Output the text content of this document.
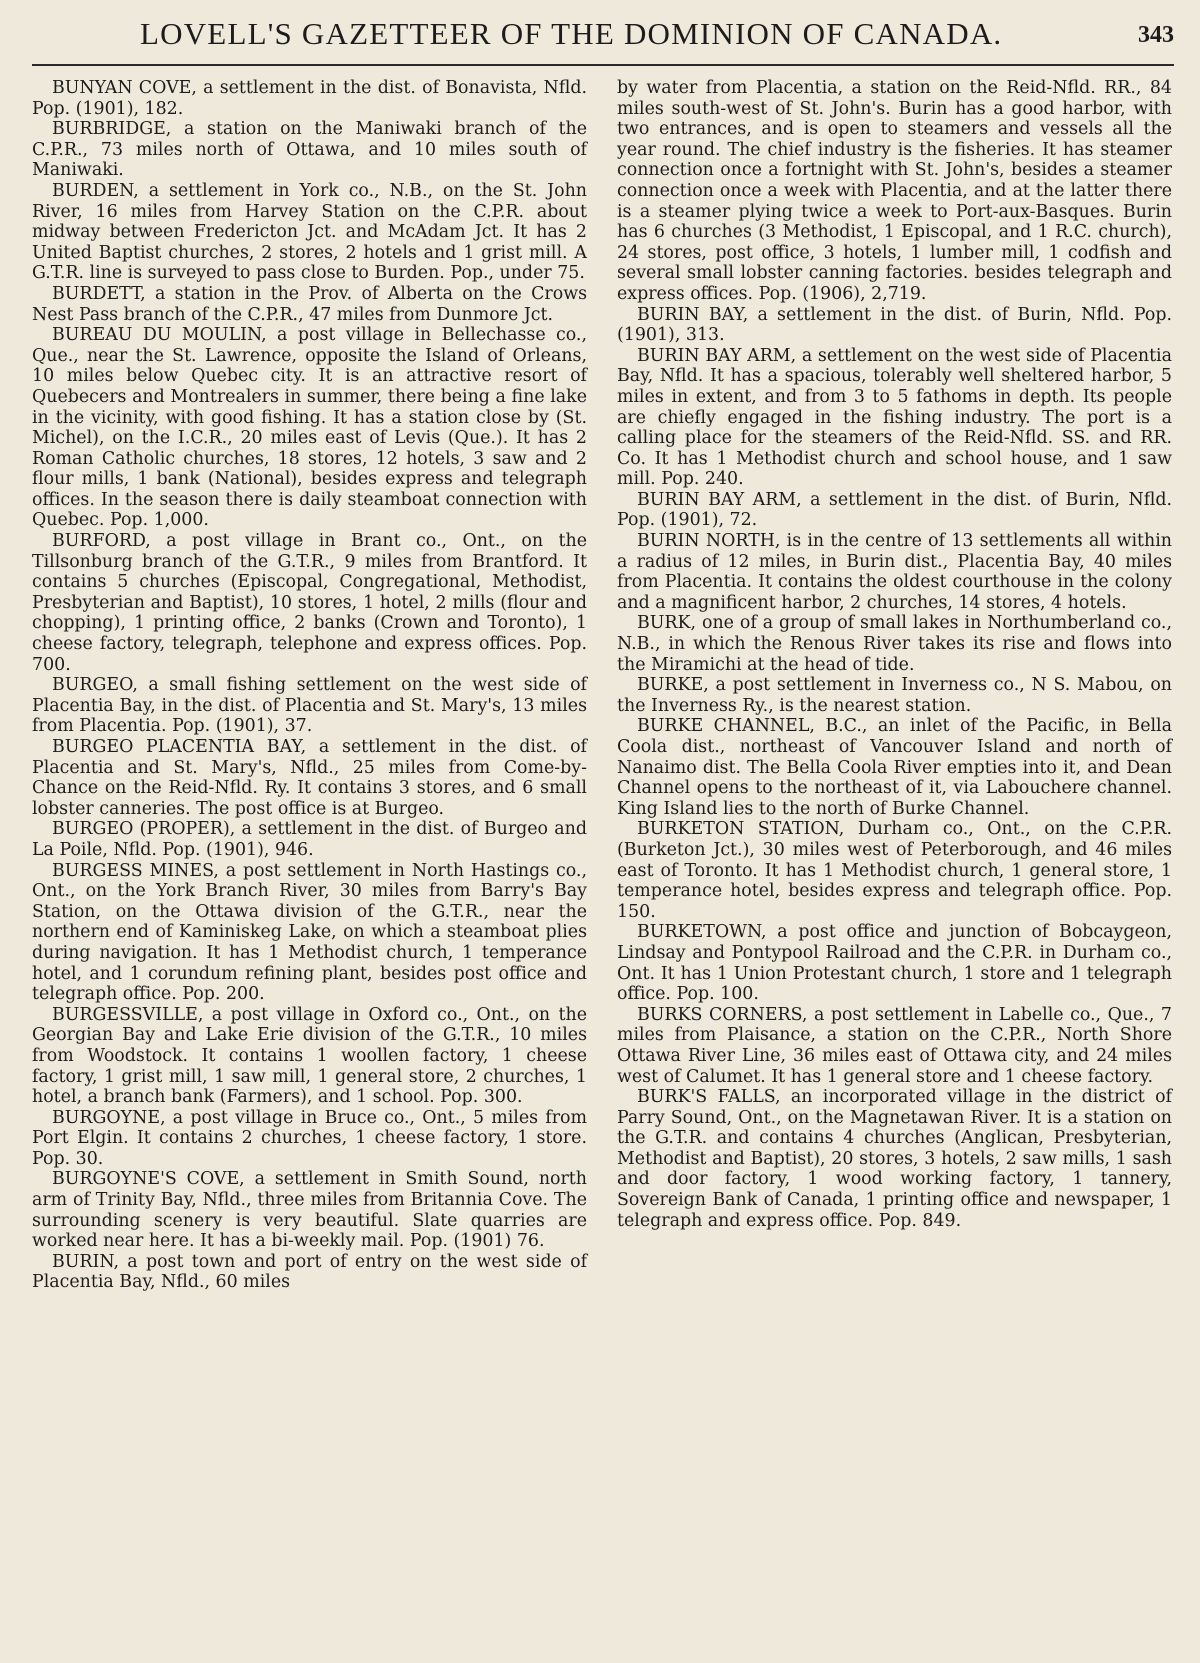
LOVELL'S GAZETTEER OF THE DOMINION OF CANADA.	343

BUNYAN COVE, a settlement in the dist. of Bonavista, Nfld. Pop. (1901), 182.

BURBRIDGE, a station on the Maniwaki branch of the C.P.R., 73 miles north of Ottawa, and 10 miles south of Maniwaki.

BURDEN, a settlement in York co., N.B., on the St. John River, 16 miles from Harvey Station on the C.P.R. about midway between Fredericton Jct. and McAdam Jct. It has 2 United Baptist churches, 2 stores, 2 hotels and 1 grist mill. A G.T.R. line is surveyed to pass close to Burden. Pop., under 75.

BURDETT, a station in the Prov. of Alberta on the Crows Nest Pass branch of the C.P.R., 47 miles from Dunmore Jct.

BUREAU DU MOULIN, a post village in Bellechasse co., Que., near the St. Lawrence, opposite the Island of Orleans, 10 miles below Quebec city. It is an attractive resort of Quebecers and Montrealers in summer, there being a fine lake in the vicinity, with good fishing. It has a station close by (St. Michel), on the I.C.R., 20 miles east of Levis (Que.). It has 2 Roman Catholic churches, 18 stores, 12 hotels, 3 saw and 2 flour mills, 1 bank (National), besides express and telegraph offices. In the season there is daily steamboat connection with Quebec. Pop. 1,000.

BURFORD, a post village in Brant co., Ont., on the Tillsonburg branch of the G.T.R., 9 miles from Brantford. It contains 5 churches (Episcopal, Congregational, Methodist, Presbyterian and Baptist), 10 stores, 1 hotel, 2 mills (flour and chopping), 1 printing office, 2 banks (Crown and Toronto), 1 cheese factory, telegraph, telephone and express offices. Pop. 700.

BURGEO, a small fishing settlement on the west side of Placentia Bay, in the dist. of Placentia and St. Mary's, 13 miles from Placentia. Pop. (1901), 37.

BURGEO PLACENTIA BAY, a settlement in the dist. of Placentia and St. Mary's, Nfld., 25 miles from Come-by-Chance on the Reid-Nfld. Ry. It contains 3 stores, and 6 small lobster canneries. The post office is at Burgeo.

BURGEO (PROPER), a settlement in the dist. of Burgeo and La Poile, Nfld. Pop. (1901), 946.

BURGESS MINES, a post settlement in North Hastings co., Ont., on the York Branch River, 30 miles from Barry's Bay Station, on the Ottawa division of the G.T.R., near the northern end of Kaminiskeg Lake, on which a steamboat plies during navigation. It has 1 Methodist church, 1 temperance hotel, and 1 corundum refining plant, besides post office and telegraph office. Pop. 200.

BURGESSVILLE, a post village in Oxford co., Ont., on the Georgian Bay and Lake Erie division of the G.T.R., 10 miles from Woodstock. It contains 1 woollen factory, 1 cheese factory, 1 grist mill, 1 saw mill, 1 general store, 2 churches, 1 hotel, a branch bank (Farmers), and 1 school. Pop. 300.

BURGOYNE, a post village in Bruce co., Ont., 5 miles from Port Elgin. It contains 2 churches, 1 cheese factory, 1 store. Pop. 30.

BURGOYNE'S COVE, a settlement in Smith Sound, north arm of Trinity Bay, Nfld., three miles from Britannia Cove. The surrounding scenery is very beautiful. Slate quarries are worked near here. It has a bi-weekly mail. Pop. (1901) 76.

BURIN, a post town and port of entry on the west side of Placentia Bay, Nfld., 60 miles

by water from Placentia, a station on the Reid-Nfld. RR., 84 miles south-west of St. John's. Burin has a good harbor, with two entrances, and is open to steamers and vessels all the year round. The chief industry is the fisheries. It has steamer connection once a fortnight with St. John's, besides a steamer connection once a week with Placentia, and at the latter there is a steamer plying twice a week to Port-aux-Basques. Burin has 6 churches (3 Methodist, 1 Episcopal, and 1 R.C. church), 24 stores, post office, 3 hotels, 1 lumber mill, 1 codfish and several small lobster canning factories. besides telegraph and express offices. Pop. (1906), 2,719.

BURIN BAY, a settlement in the dist. of Burin, Nfld. Pop. (1901), 313.

BURIN BAY ARM, a settlement on the west side of Placentia Bay, Nfld. It has a spacious, tolerably well sheltered harbor, 5 miles in extent, and from 3 to 5 fathoms in depth. Its people are chiefly engaged in the fishing industry. The port is a calling place for the steamers of the Reid-Nfld. SS. and RR. Co. It has 1 Methodist church and school house, and 1 saw mill. Pop. 240.

BURIN BAY ARM, a settlement in the dist. of Burin, Nfld. Pop. (1901), 72.

BURIN NORTH, is in the centre of 13 settlements all within a radius of 12 miles, in Burin dist., Placentia Bay, 40 miles from Placentia. It contains the oldest courthouse in the colony and a magnificent harbor, 2 churches, 14 stores, 4 hotels.

BURK, one of a group of small lakes in Northumberland co., N.B., in which the Renous River takes its rise and flows into the Miramichi at the head of tide.

BURKE, a post settlement in Inverness co., N S. Mabou, on the Inverness Ry., is the nearest station.

BURKE CHANNEL, B.C., an inlet of the Pacific, in Bella Coola dist., northeast of Vancouver Island and north of Nanaimo dist. The Bella Coola River empties into it, and Dean Channel opens to the northeast of it, via Labouchere channel. King Island lies to the north of Burke Channel.

BURKETON STATION, Durham co., Ont., on the C.P.R. (Burketon Jct.), 30 miles west of Peterborough, and 46 miles east of Toronto. It has 1 Methodist church, 1 general store, 1 temperance hotel, besides express and telegraph office. Pop. 150.

BURKETOWN, a post office and junction of Bobcaygeon, Lindsay and Pontypool Railroad and the C.P.R. in Durham co., Ont. It has 1 Union Protestant church, 1 store and 1 telegraph office. Pop. 100.

BURKS CORNERS, a post settlement in Labelle co., Que., 7 miles from Plaisance, a station on the C.P.R., North Shore Ottawa River Line, 36 miles east of Ottawa city, and 24 miles west of Calumet. It has 1 general store and 1 cheese factory.

BURK'S FALLS, an incorporated village in the district of Parry Sound, Ont., on the Magnetawan River. It is a station on the G.T.R. and contains 4 churches (Anglican, Presbyterian, Methodist and Baptist), 20 stores, 3 hotels, 2 saw mills, 1 sash and door factory, 1 wood working factory, 1 tannery, Sovereign Bank of Canada, 1 printing office and newspaper, 1 telegraph and express office. Pop. 849.
